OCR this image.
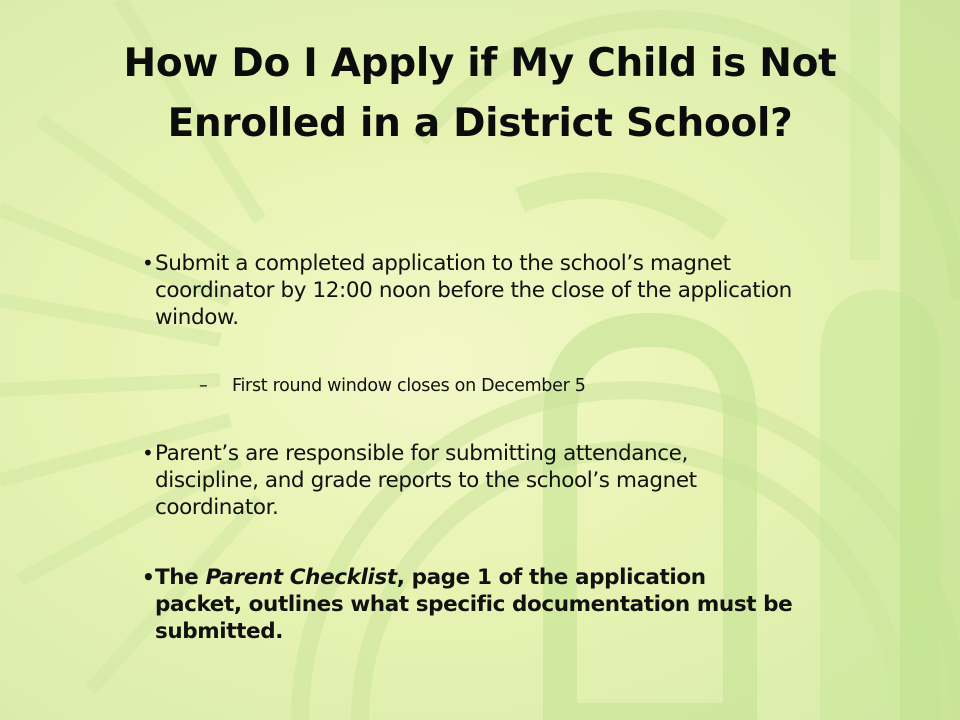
How Do I Apply if My Child is Not
Enrolled in a District School?
• Submit a completed application to the school’s magnet coordinator by 12:00 noon before the close of the application window.
– First round window closes on December 5
• Parent’s are responsible for submitting attendance, discipline, and grade reports to the school’s magnet coordinator.
• The Parent Checklist, page 1 of the application packet, outlines what specific documentation must be submitted.
